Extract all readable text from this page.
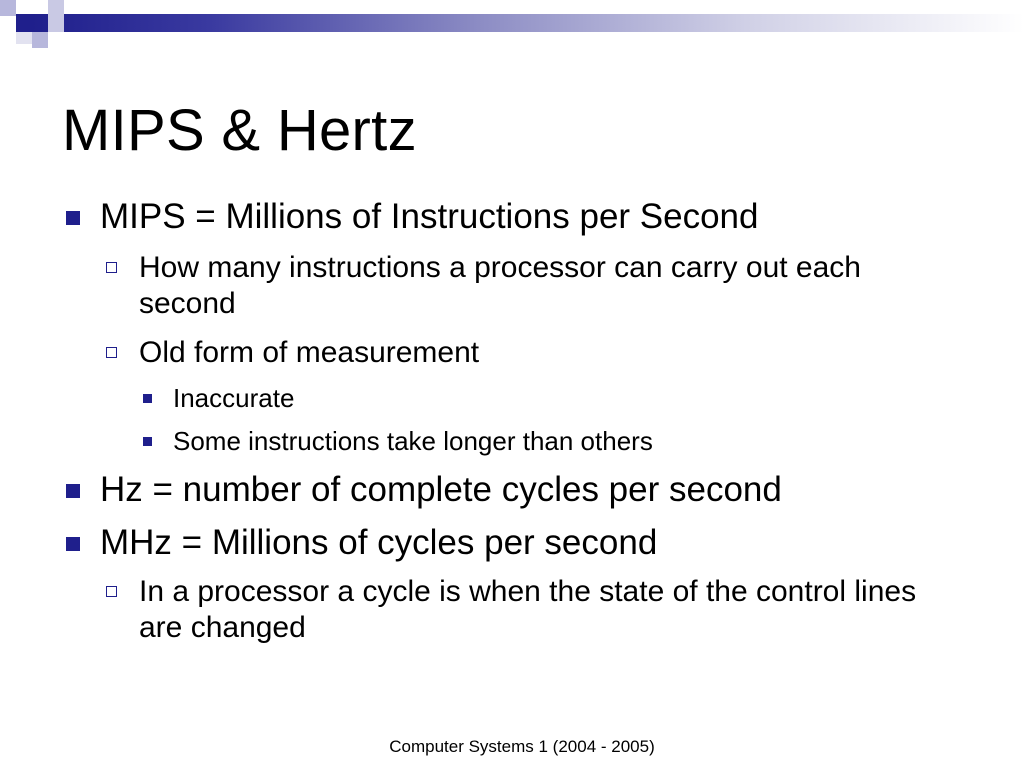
MIPS & Hertz
MIPS = Millions of Instructions per Second
How many instructions a processor can carry out each second
Old form of measurement
Inaccurate
Some instructions take longer than others
Hz = number of complete cycles per second
MHz = Millions of cycles per second
In a processor a cycle is when the state of the control lines are changed
Computer Systems 1 (2004 - 2005)
